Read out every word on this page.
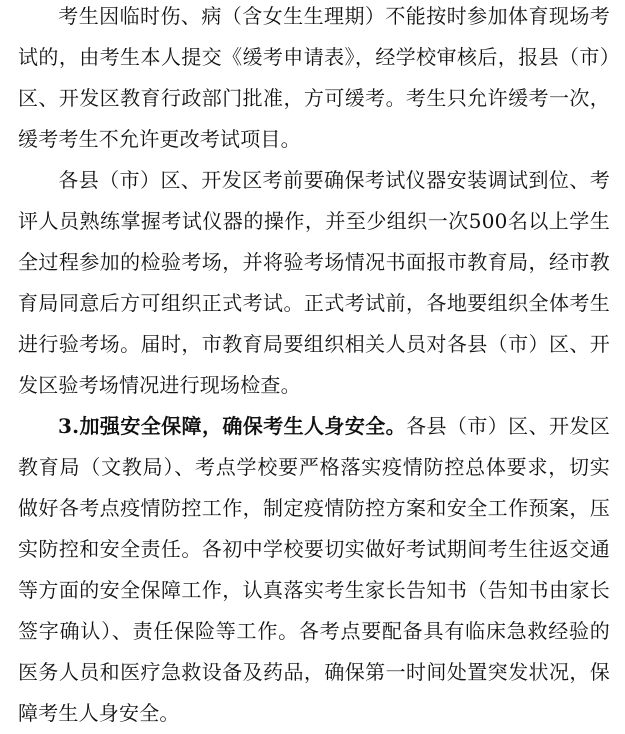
考生因临时伤、病（含女生生理期）不能按时参加体育现场考试的，由考生本人提交《缓考申请表》，经学校审核后，报县（市）区、开发区教育行政部门批准，方可缓考。考生只允许缓考一次，缓考考生不允许更改考试项目。

各县（市）区、开发区考前要确保考试仪器安装调试到位、考评人员熟练掌握考试仪器的操作，并至少组织一次500名以上学生全过程参加的检验考场，并将验考场情况书面报市教育局，经市教育局同意后方可组织正式考试。正式考试前，各地要组织全体考生进行验考场。届时，市教育局要组织相关人员对各县（市）区、开发区验考场情况进行现场检查。

3.加强安全保障，确保考生人身安全。各县（市）区、开发区教育局（文教局）、考点学校要严格落实疫情防控总体要求，切实做好各考点疫情防控工作，制定疫情防控方案和安全工作预案，压实防控和安全责任。各初中学校要切实做好考试期间考生往返交通等方面的安全保障工作，认真落实考生家长告知书（告知书由家长签字确认）、责任保险等工作。各考点要配备具有临床急救经验的医务人员和医疗急救设备及药品，确保第一时间处置突发状况，保障考生人身安全。
